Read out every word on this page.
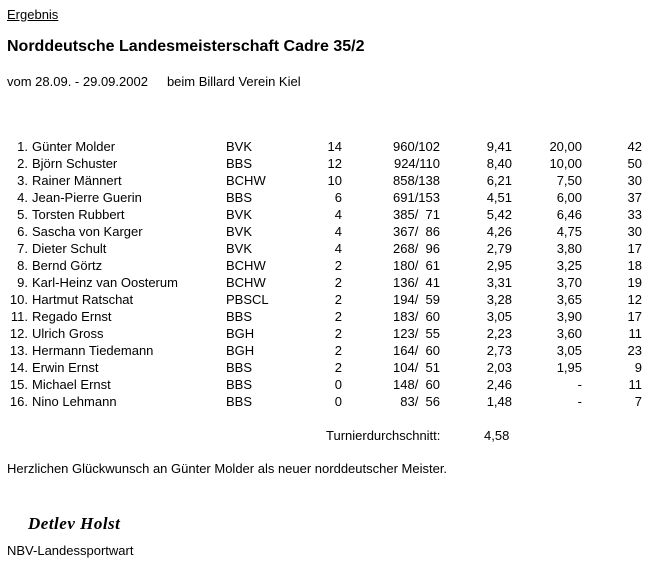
Ergebnis
Norddeutsche Landesmeisterschaft Cadre 35/2
vom 28.09. - 29.09.2002 beim Billard Verein Kiel
1. Günter Molder	BVK	14	960/102	9,41	20,00	42
2. Björn Schuster	BBS	12	924/110	8,40	10,00	50
3. Rainer Männert	BCHW	10	858/138	6,21	7,50	30
4. Jean-Pierre Guerin	BBS	6	691/153	4,51	6,00	37
5. Torsten Rubbert	BVK	4	385/  71	5,42	6,46	33
6. Sascha von Karger	BVK	4	367/  86	4,26	4,75	30
7. Dieter Schult	BVK	4	268/  96	2,79	3,80	17
8. Bernd Görtz	BCHW	2	180/  61	2,95	3,25	18
9. Karl-Heinz van Oosterum	BCHW	2	136/  41	3,31	3,70	19
10. Hartmut Ratschat	PBSCL	2	194/  59	3,28	3,65	12
11. Regado Ernst	BBS	2	183/  60	3,05	3,90	17
12. Ulrich Gross	BGH	2	123/  55	2,23	3,60	11
13. Hermann Tiedemann	BGH	2	164/  60	2,73	3,05	23
14. Erwin Ernst	BBS	2	104/  51	2,03	1,95	9
15. Michael Ernst	BBS	0	148/  60	2,46	-	11
16. Nino Lehmann	BBS	0	83/  56	1,48	-	7
Turnierdurchschnitt:	4,58
Herzlichen Glückwunsch an Günter Molder als neuer norddeutscher Meister.
Detlev Holst
NBV-Landessportwart
